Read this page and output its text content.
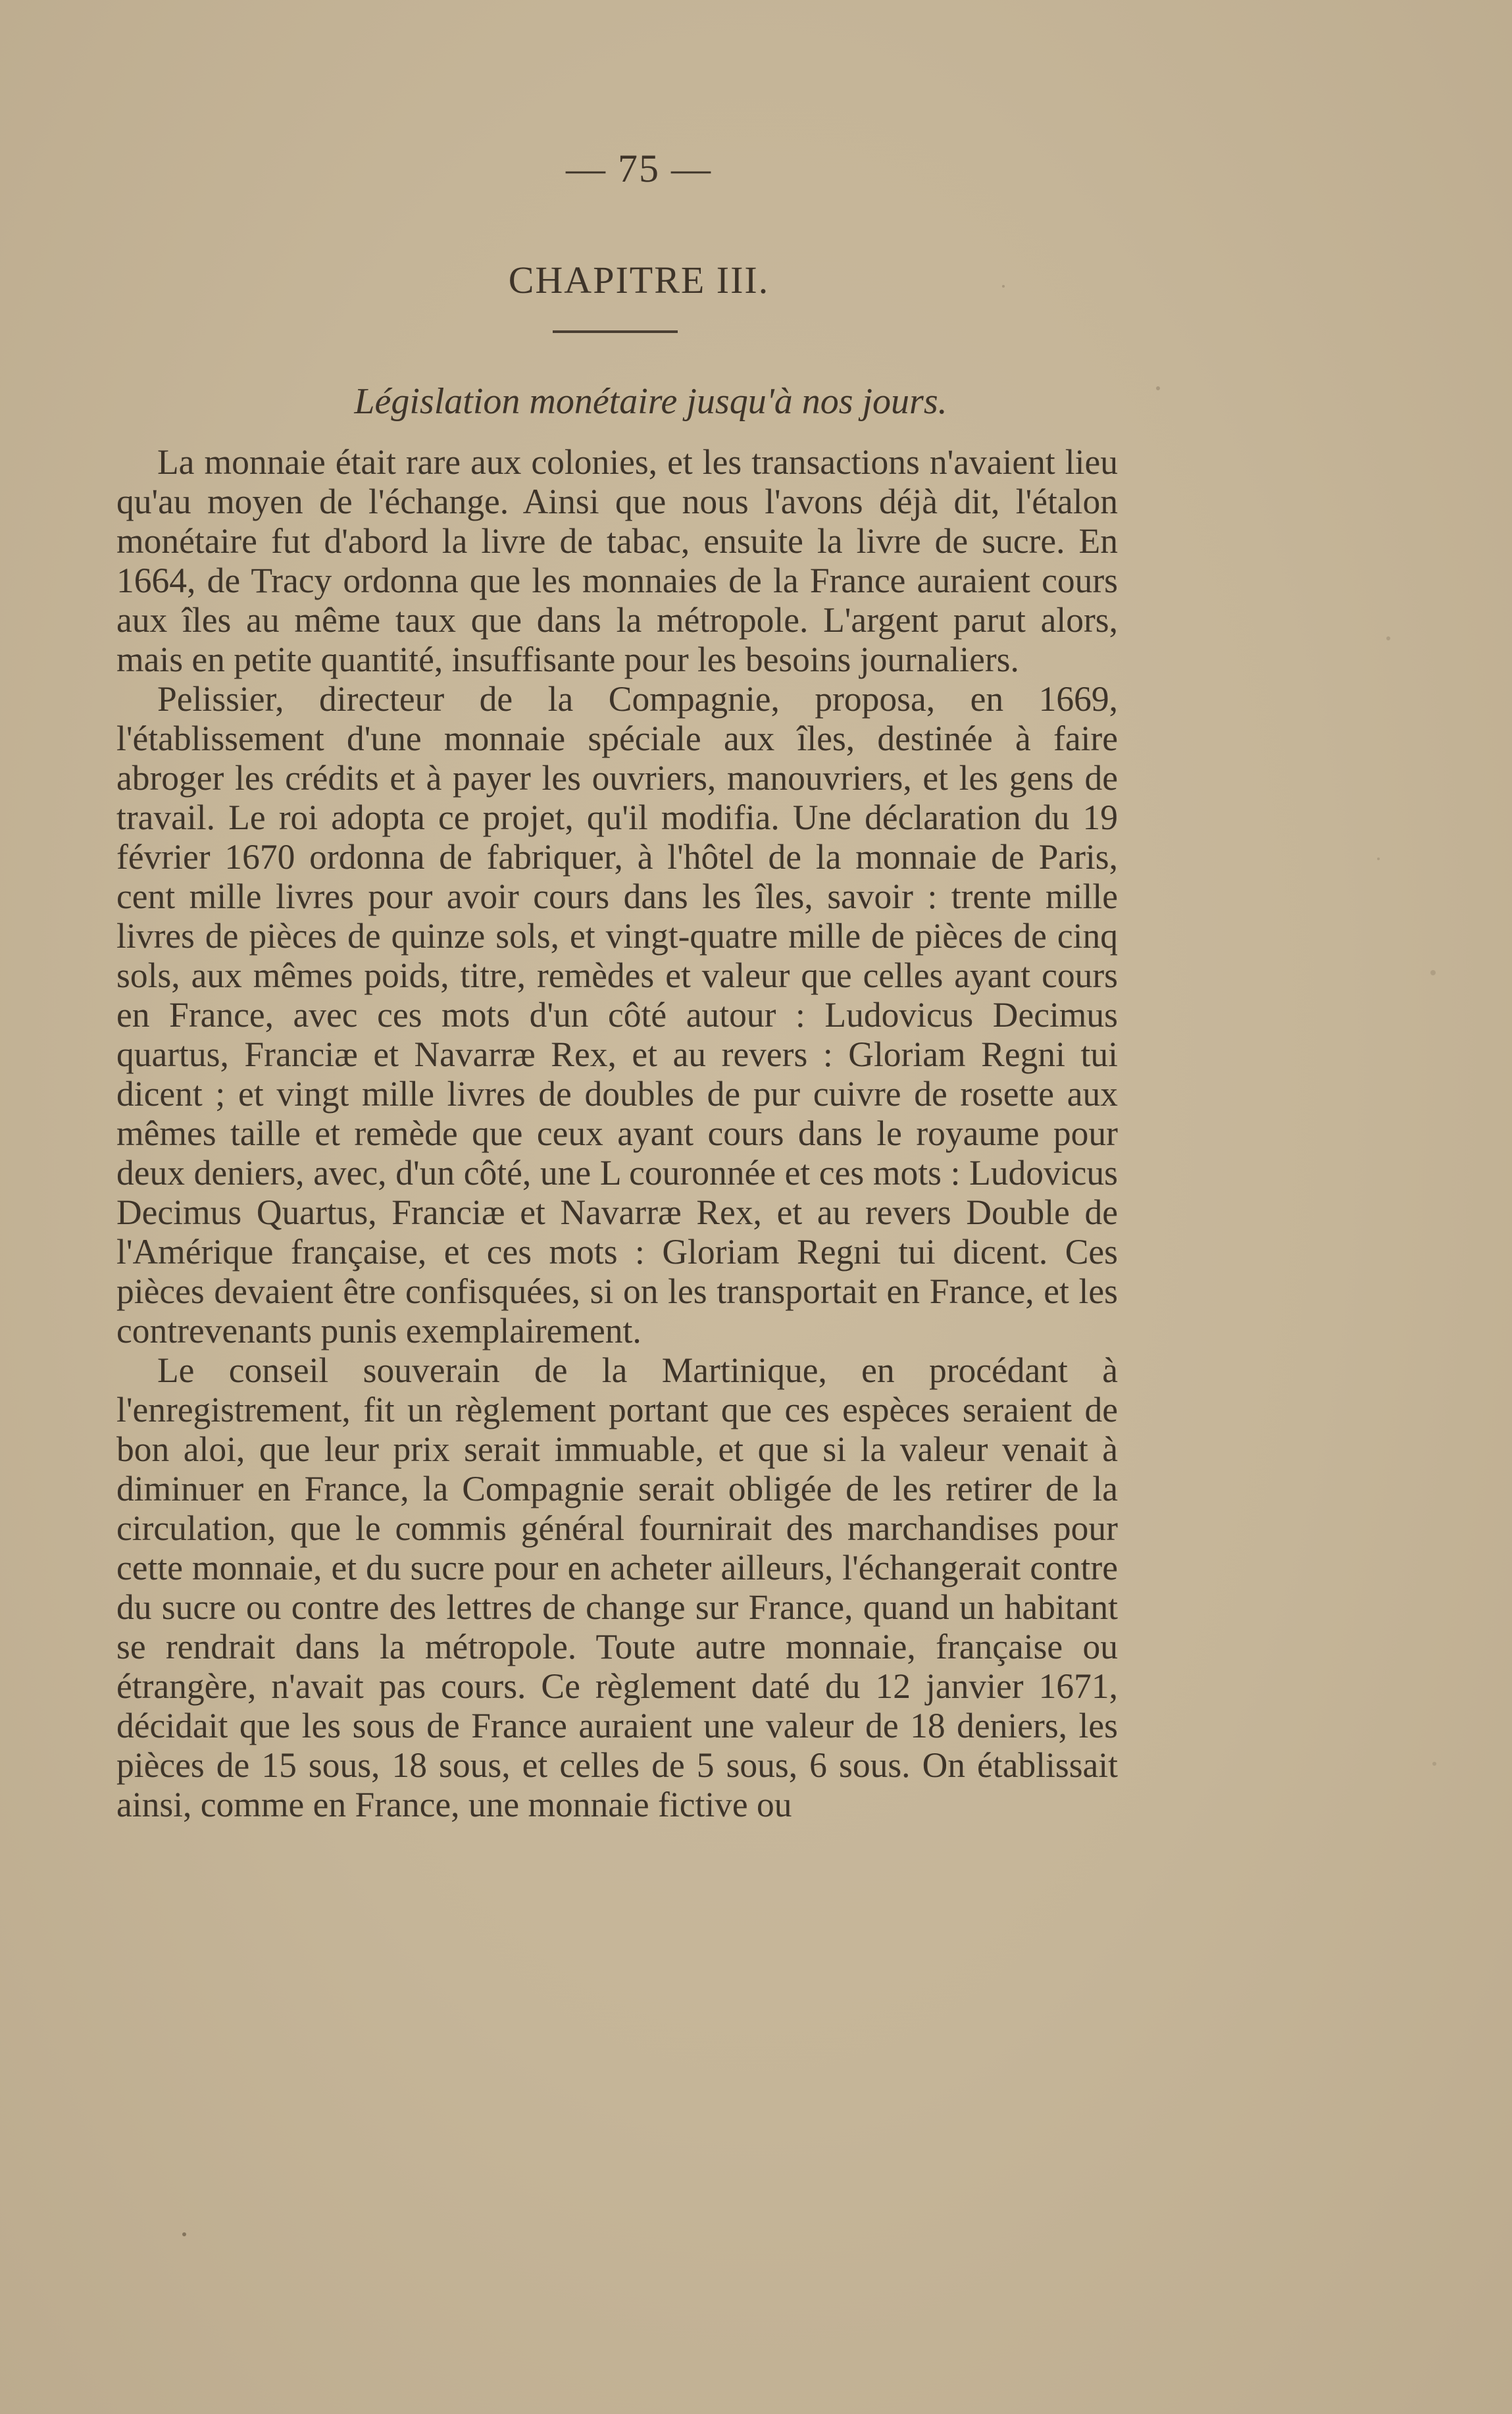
— 75 —
CHAPITRE III.
Législation monétaire jusqu'à nos jours.

La monnaie était rare aux colonies, et les transactions n'avaient lieu qu'au moyen de l'échange. Ainsi que nous l'avons déjà dit, l'étalon monétaire fut d'abord la livre de tabac, ensuite la livre de sucre. En 1664, de Tracy ordonna que les monnaies de la France auraient cours aux îles au même taux que dans la métropole. L'argent parut alors, mais en petite quantité, insuffisante pour les besoins journaliers.

Pelissier, directeur de la Compagnie, proposa, en 1669, l'établissement d'une monnaie spéciale aux îles, destinée à faire abroger les crédits et à payer les ouvriers, manouvriers, et les gens de travail. Le roi adopta ce projet, qu'il modifia. Une déclaration du 19 février 1670 ordonna de fabriquer, à l'hôtel de la monnaie de Paris, cent mille livres pour avoir cours dans les îles, savoir : trente mille livres de pièces de quinze sols, et vingt-quatre mille de pièces de cinq sols, aux mêmes poids, titre, remèdes et valeur que celles ayant cours en France, avec ces mots d'un côté autour : Ludovicus Decimus quartus, Franciæ et Navarræ Rex, et au revers : Gloriam Regni tui dicent ; et vingt mille livres de doubles de pur cuivre de rosette aux mêmes taille et remède que ceux ayant cours dans le royaume pour deux deniers, avec, d'un côté, une L couronnée et ces mots : Ludovicus Decimus Quartus, Franciæ et Navarræ Rex, et au revers Double de l'Amérique française, et ces mots : Gloriam Regni tui dicent. Ces pièces devaient être confisquées, si on les transportait en France, et les contrevenants punis exemplairement.

Le conseil souverain de la Martinique, en procédant à l'enregistrement, fit un règlement portant que ces espèces seraient de bon aloi, que leur prix serait immuable, et que si la valeur venait à diminuer en France, la Compagnie serait obligée de les retirer de la circulation, que le commis général fournirait des marchandises pour cette monnaie, et du sucre pour en acheter ailleurs, l'échangerait contre du sucre ou contre des lettres de change sur France, quand un habitant se rendrait dans la métropole. Toute autre monnaie, française ou étrangère, n'avait pas cours. Ce règlement daté du 12 janvier 1671, décidait que les sous de France auraient une valeur de 18 deniers, les pièces de 15 sous, 18 sous, et celles de 5 sous, 6 sous. On établissait ainsi, comme en France, une monnaie fictive ou
